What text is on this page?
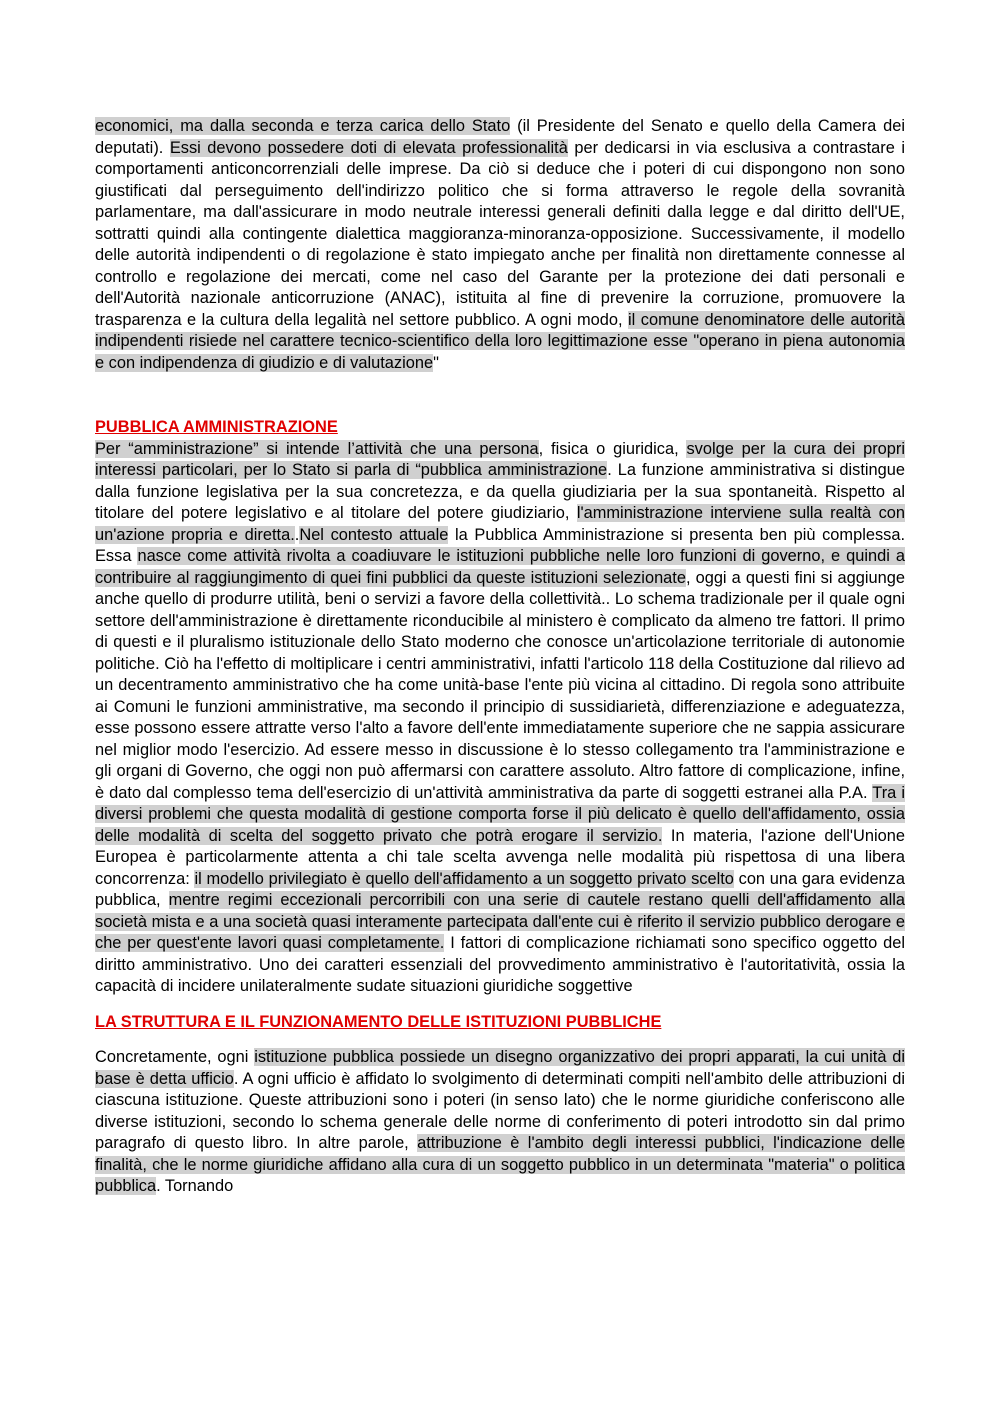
economici, ma dalla seconda e terza carica dello Stato (il Presidente del Senato e quello della Camera dei deputati). Essi devono possedere doti di elevata professionalità per dedicarsi in via esclusiva a contrastare i comportamenti anticoncorrenziali delle imprese. Da ciò si deduce che i poteri di cui dispongono non sono giustificati dal perseguimento dell'indirizzo politico che si forma attraverso le regole della sovranità parlamentare, ma dall'assicurare in modo neutrale interessi generali definiti dalla legge e dal diritto dell'UE, sottratti quindi alla contingente dialettica maggioranza-minoranza-opposizione. Successivamente, il modello delle autorità indipendenti o di regolazione è stato impiegato anche per finalità non direttamente connesse al controllo e regolazione dei mercati, come nel caso del Garante per la protezione dei dati personali e dell'Autorità nazionale anticorruzione (ANAC), istituita al fine di prevenire la corruzione, promuovere la trasparenza e la cultura della legalità nel settore pubblico. A ogni modo, il comune denominatore delle autorità indipendenti risiede nel carattere tecnico-scientifico della loro legittimazione esse "operano in piena autonomia e con indipendenza di giudizio e di valutazione"

PUBBLICA AMMINISTRAZIONE

Per “amministrazione” si intende l’attività che una persona, fisica o giuridica, svolge per la cura dei propri interessi particolari, per lo Stato si parla di “pubblica amministrazione. La funzione amministrativa si distingue dalla funzione legislativa per la sua concretezza, e da quella giudiziaria per la sua spontaneità. Rispetto al titolare del potere legislativo e al titolare del potere giudiziario, l'amministrazione interviene sulla realtà con un'azione propria e diretta..Nel contesto attuale la Pubblica Amministrazione si presenta ben più complessa. Essa nasce come attività rivolta a coadiuvare le istituzioni pubbliche nelle loro funzioni di governo, e quindi a contribuire al raggiungimento di quei fini pubblici da queste istituzioni selezionate, oggi a questi fini si aggiunge anche quello di produrre utilità, beni o servizi a favore della collettività.. Lo schema tradizionale per il quale ogni settore dell'amministrazione è direttamente riconducibile al ministero è complicato da almeno tre fattori. Il primo di questi e il pluralismo istituzionale dello Stato moderno che conosce un'articolazione territoriale di autonomie politiche. Ciò ha l'effetto di moltiplicare i centri amministrativi, infatti l'articolo 118 della Costituzione dal rilievo ad un decentramento amministrativo che ha come unità-base l'ente più vicina al cittadino. Di regola sono attribuite ai Comuni le funzioni amministrative, ma secondo il principio di sussidiarietà, differenziazione e adeguatezza, esse possono essere attratte verso l'alto a favore dell'ente immediatamente superiore che ne sappia assicurare nel miglior modo l'esercizio. Ad essere messo in discussione è lo stesso collegamento tra l'amministrazione e gli organi di Governo, che oggi non può affermarsi con carattere assoluto. Altro fattore di complicazione, infine, è dato dal complesso tema dell'esercizio di un'attività amministrativa da parte di soggetti estranei alla P.A. Tra i diversi problemi che questa modalità di gestione comporta forse il più delicato è quello dell'affidamento, ossia delle modalità di scelta del soggetto privato che potrà erogare il servizio. In materia, l'azione dell'Unione Europea è particolarmente attenta a chi tale scelta avvenga nelle modalità più rispettosa di una libera concorrenza: il modello privilegiato è quello dell'affidamento a un soggetto privato scelto con una gara evidenza pubblica, mentre regimi eccezionali percorribili con una serie di cautele restano quelli dell'affidamento alla società mista e a una società quasi interamente partecipata dall'ente cui è riferito il servizio pubblico derogare e che per quest'ente lavori quasi completamente. I fattori di complicazione richiamati sono specifico oggetto del diritto amministrativo. Uno dei caratteri essenziali del provvedimento amministrativo è l'autoritatività, ossia la capacità di incidere unilateralmente sudate situazioni giuridiche soggettive

LA STRUTTURA E IL FUNZIONAMENTO DELLE ISTITUZIONI PUBBLICHE

Concretamente, ogni istituzione pubblica possiede un disegno organizzativo dei propri apparati, la cui unità di base è detta ufficio. A ogni ufficio è affidato lo svolgimento di determinati compiti nell'ambito delle attribuzioni di ciascuna istituzione. Queste attribuzioni sono i poteri (in senso lato) che le norme giuridiche conferiscono alle diverse istituzioni, secondo lo schema generale delle norme di conferimento di poteri introdotto sin dal primo paragrafo di questo libro. In altre parole, attribuzione è l'ambito degli interessi pubblici, l'indicazione delle finalità, che le norme giuridiche affidano alla cura di un soggetto pubblico in un determinata "materia" o politica pubblica. Tornando
